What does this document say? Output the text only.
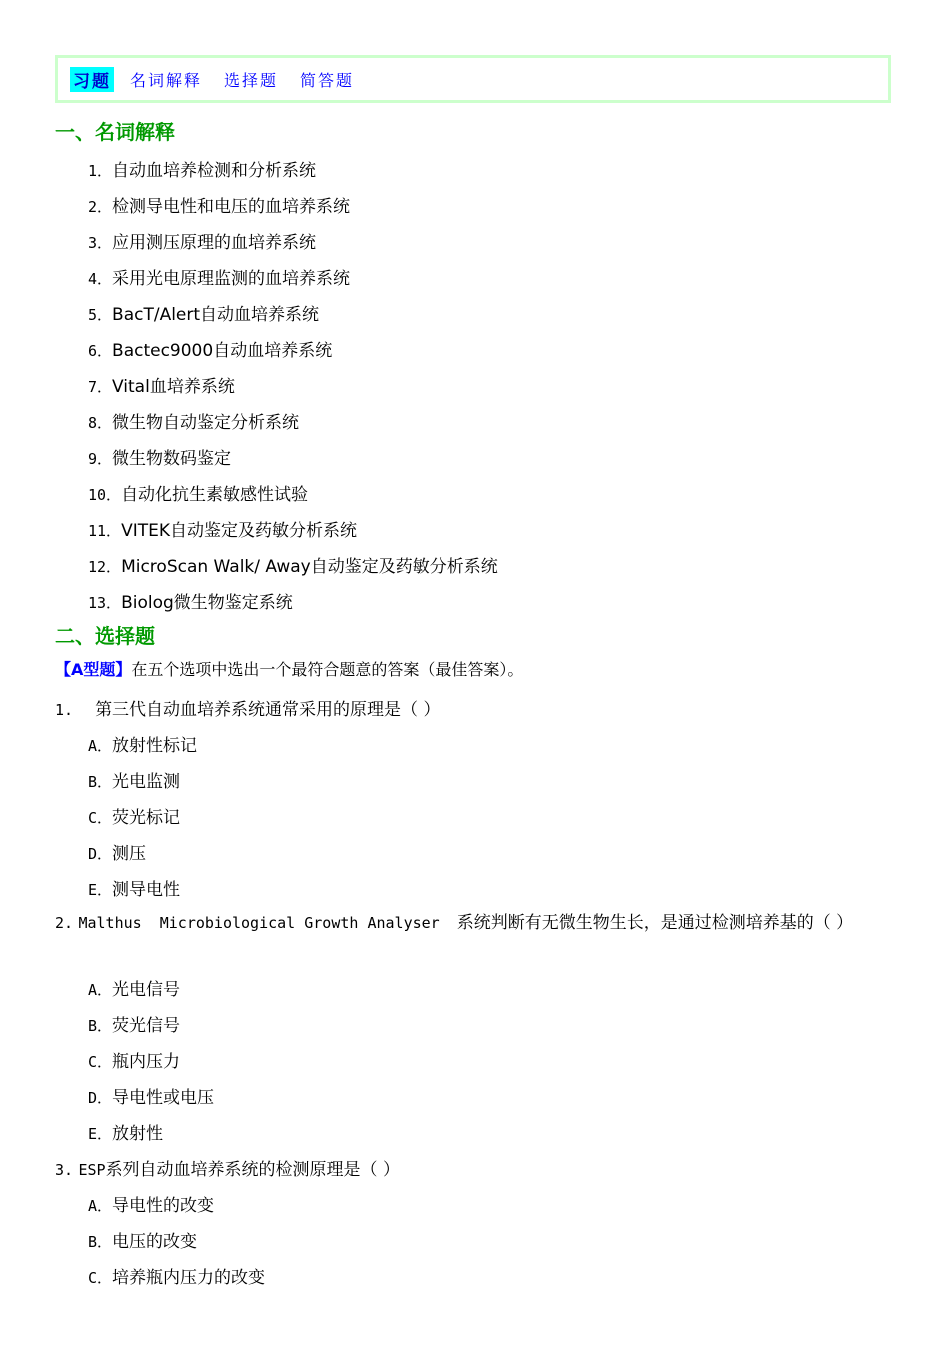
习题 名词解释 选择题 简答题
一、名词解释
1．自动血培养检测和分析系统
2．检测导电性和电压的血培养系统
3．应用测压原理的血培养系统
4．采用光电原理监测的血培养系统
5．BacT/Alert自动血培养系统
6．Bactec9000自动血培养系统
7．Vital血培养系统
8．微生物自动鉴定分析系统
9．微生物数码鉴定
10．自动化抗生素敏感性试验
11．VITEK自动鉴定及药敏分析系统
12．MicroScan Walk/ Away自动鉴定及药敏分析系统
13．Biolog微生物鉴定系统
二、选择题
【A型题】在五个选项中选出一个最符合题意的答案（最佳答案）。
1. 第三代自动血培养系统通常采用的原理是（ ）
A．放射性标记
B．光电监测
C．荧光标记
D．测压
E．测导电性
2. Malthus  Microbiological Growth Analyser　 系统判断有无微生物生长，是通过检测培养基的（ ）
A．光电信号
B．荧光信号
C．瓶内压力
D．导电性或电压
E．放射性
3. ESP系列自动血培养系统的检测原理是（ ）
A．导电性的改变
B．电压的改变
C．培养瓶内压力的改变
